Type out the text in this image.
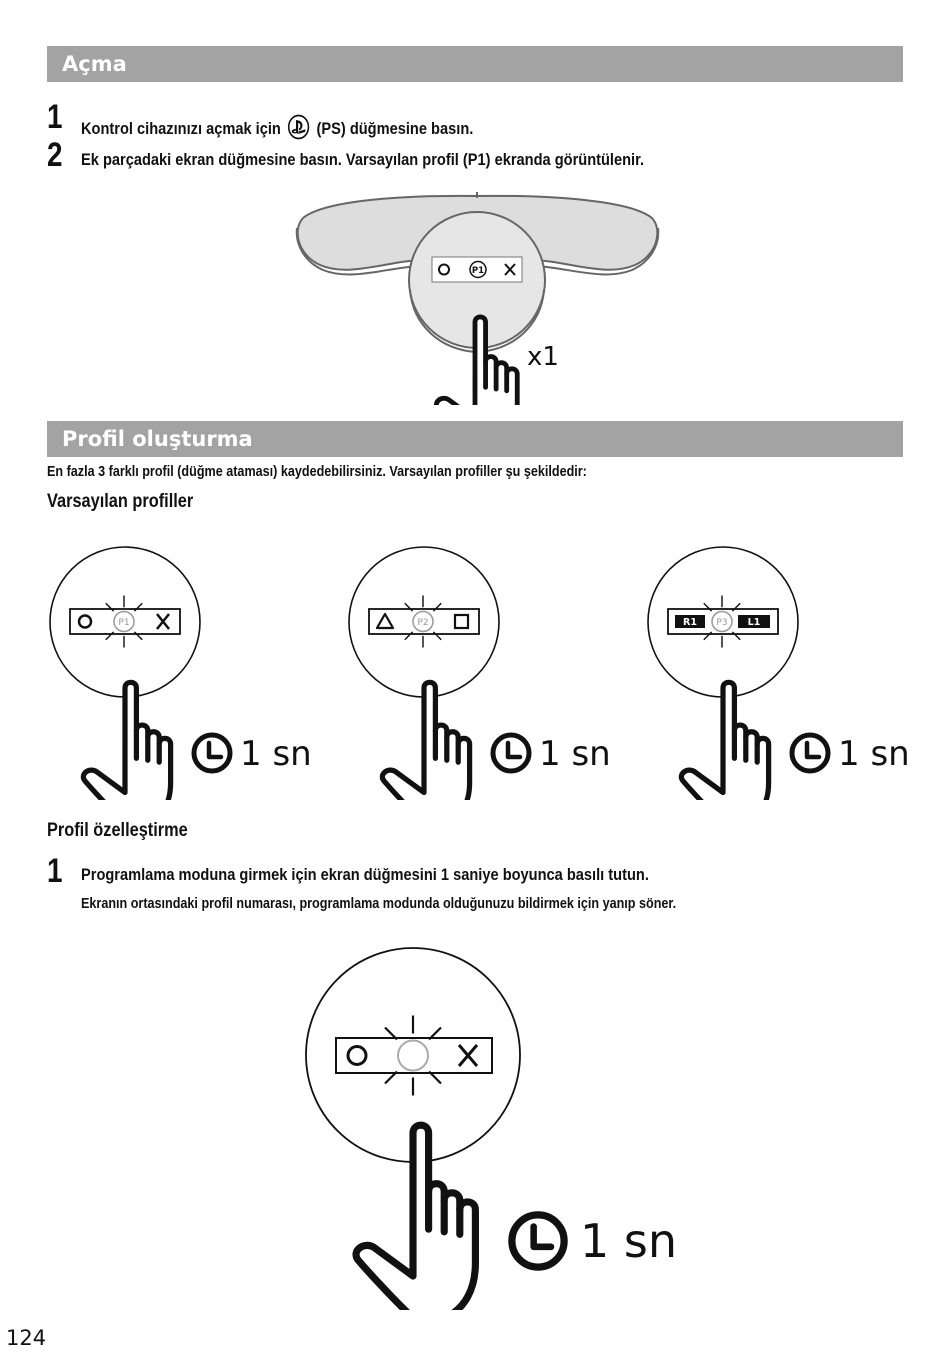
Açma
1 Kontrol cihazınızı açmak için (PS) düğmesine basın.
2 Ek parçadaki ekran düğmesine basın. Varsayılan profil (P1) ekranda görüntülenir.
P1
x1
Profil oluşturma
En fazla 3 farklı profil (düğme ataması) kaydedebilirsiniz. Varsayılan profiller şu şekildedir:
Varsayılan profiller
P1
1 sn
P2
1 sn
R1 P3 L1
1 sn
Profil özelleştirme
1 Programlama moduna girmek için ekran düğmesini 1 saniye boyunca basılı tutun.
Ekranın ortasındaki profil numarası, programlama modunda olduğunuzu bildirmek için yanıp söner.
1 sn
124
